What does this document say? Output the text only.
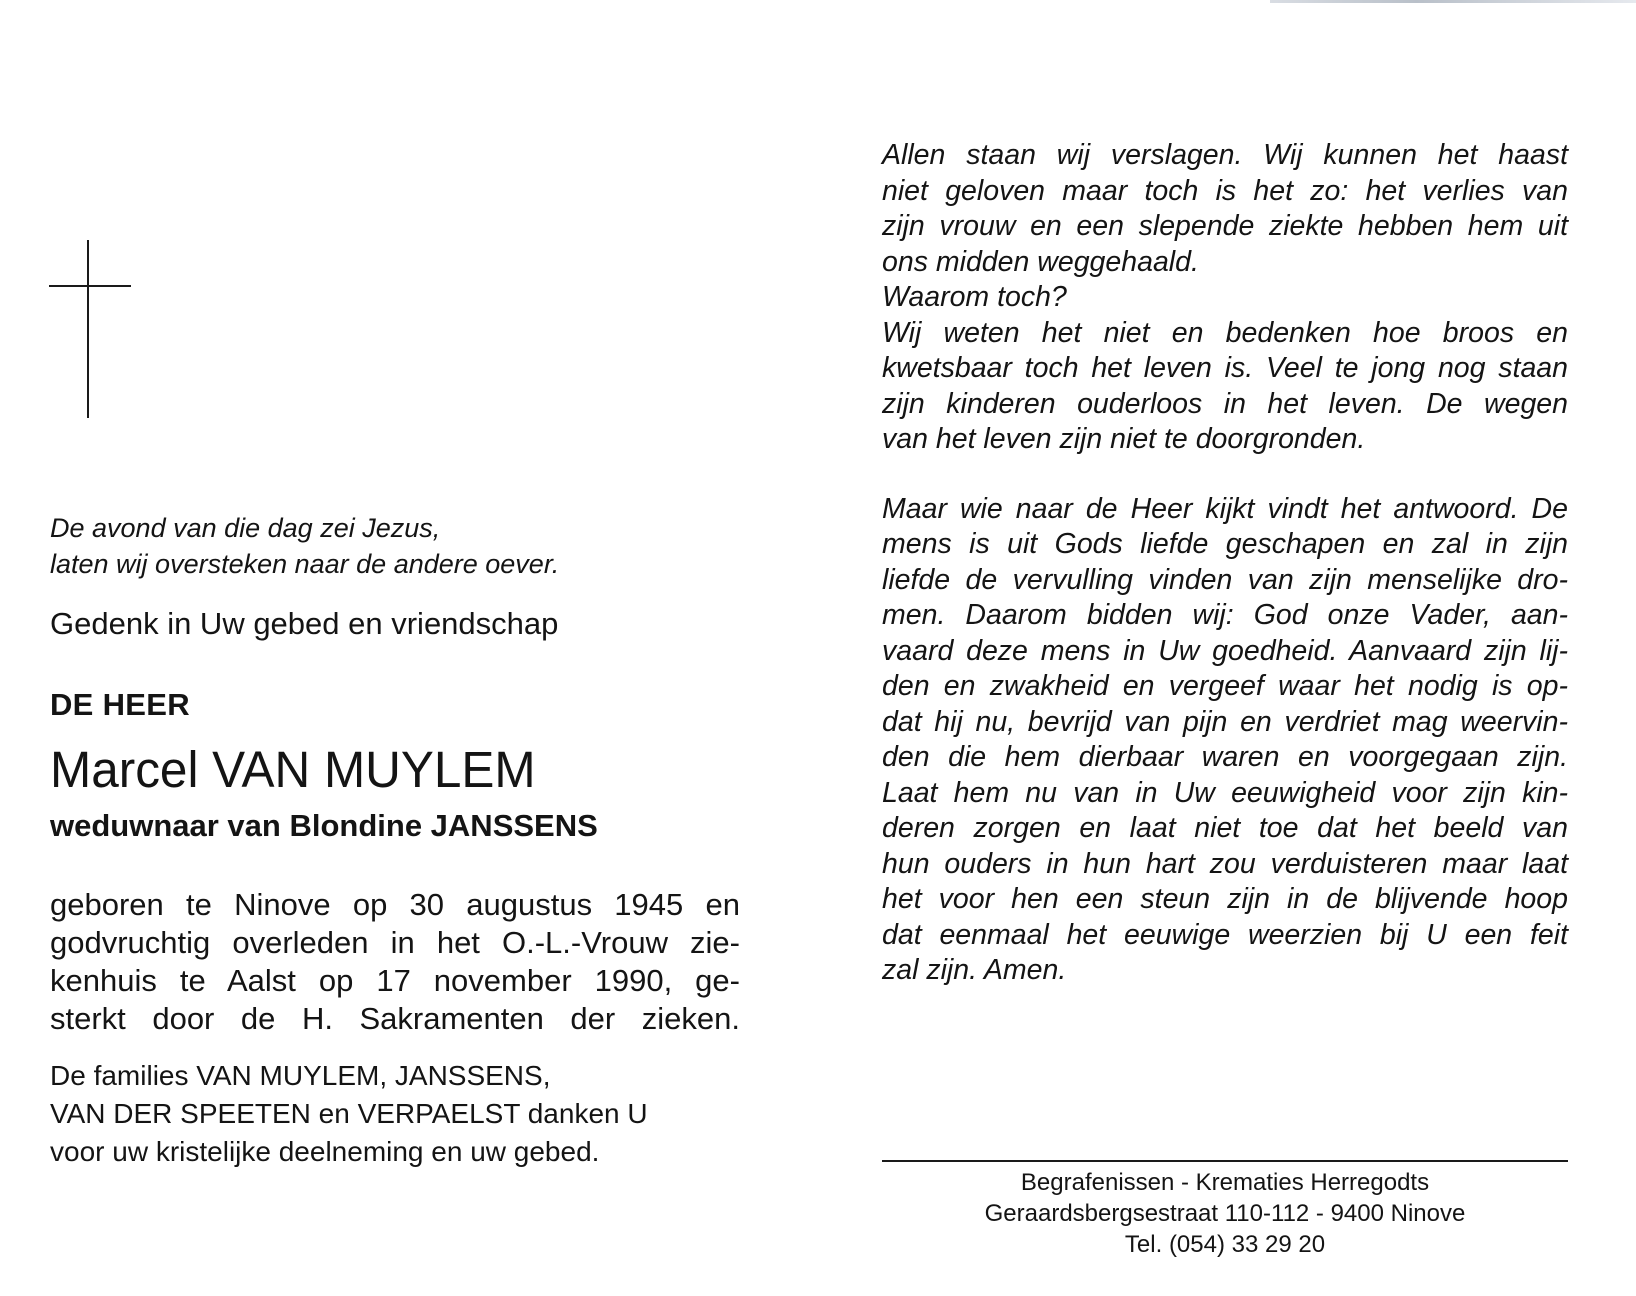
De avond van die dag zei Jezus,
laten wij oversteken naar de andere oever.
Gedenk in Uw gebed en vriendschap
DE HEER
Marcel VAN MUYLEM
weduwnaar van Blondine JANSSENS
geboren te Ninove op 30 augustus 1945 en
godvruchtig overleden in het O.-L.-Vrouw zie-
kenhuis te Aalst op 17 november 1990, ge-
sterkt door de H. Sakramenten der zieken.
De families VAN MUYLEM, JANSSENS,
VAN DER SPEETEN en VERPAELST danken U
voor uw kristelijke deelneming en uw gebed.
Allen staan wij verslagen. Wij kunnen het haast
niet geloven maar toch is het zo: het verlies van
zijn vrouw en een slepende ziekte hebben hem uit
ons midden weggehaald.
Waarom toch?
Wij weten het niet en bedenken hoe broos en
kwetsbaar toch het leven is. Veel te jong nog staan
zijn kinderen ouderloos in het leven. De wegen
van het leven zijn niet te doorgronden.
Maar wie naar de Heer kijkt vindt het antwoord. De
mens is uit Gods liefde geschapen en zal in zijn
liefde de vervulling vinden van zijn menselijke dro-
men. Daarom bidden wij: God onze Vader, aan-
vaard deze mens in Uw goedheid. Aanvaard zijn lij-
den en zwakheid en vergeef waar het nodig is op-
dat hij nu, bevrijd van pijn en verdriet mag weervin-
den die hem dierbaar waren en voorgegaan zijn.
Laat hem nu van in Uw eeuwigheid voor zijn kin-
deren zorgen en laat niet toe dat het beeld van
hun ouders in hun hart zou verduisteren maar laat
het voor hen een steun zijn in de blijvende hoop
dat eenmaal het eeuwige weerzien bij U een feit
zal zijn. Amen.
Begrafenissen - Krematies Herregodts
Geraardsbergsestraat 110-112 - 9400 Ninove
Tel. (054) 33 29 20
